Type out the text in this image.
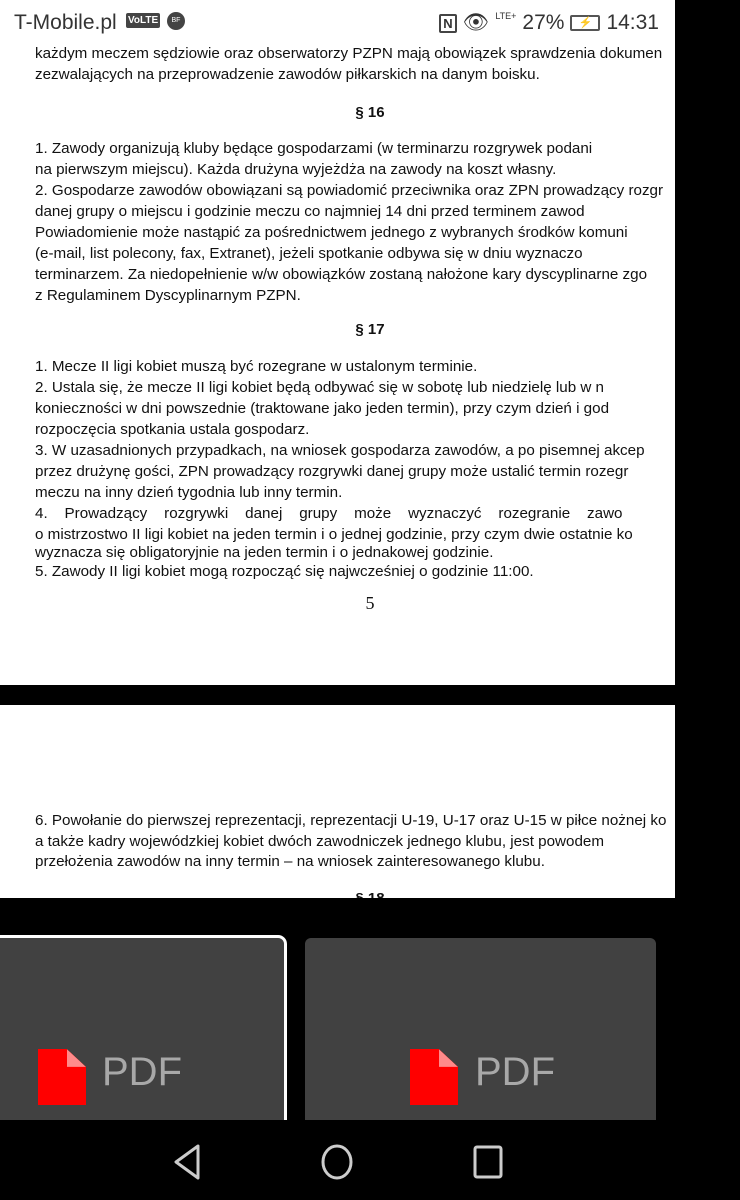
T-Mobile.pl VoLTE	BF	N 👁 LTE+ 27%	⚡ 14:31
każdym meczem sędziowie oraz obserwatorzy PZPN mają obowiązek sprawdzenia dokumen
zezwalających na przeprowadzenie zawodów piłkarskich na danym boisku.
§ 16
1. Zawody organizują kluby będące gospodarzami (w terminarzu rozgrywek podani
na pierwszym miejscu). Każda drużyna wyjeżdża na zawody na koszt własny.
2. Gospodarze zawodów obowiązani są powiadomić przeciwnika oraz ZPN prowadzący rozgr
danej grupy o miejscu i godzinie meczu co najmniej 14 dni przed terminem zawod
Powiadomienie może nastąpić za pośrednictwem jednego z wybranych środków komuni
(e-mail, list polecony, fax, Extranet), jeżeli spotkanie odbywa się w dniu wyznaczo
terminarzem. Za niedopełnienie w/w obowiązków zostaną nałożone kary dyscyplinarne zgo
z Regulaminem Dyscyplinarnym PZPN.
§ 17
1. Mecze II ligi kobiet muszą być rozegrane w ustalonym terminie.
2. Ustala się, że mecze II ligi kobiet będą odbywać się w sobotę lub niedzielę lub w n
konieczności w dni powszednie (traktowane jako jeden termin), przy czym dzień i god
rozpoczęcia spotkania ustala gospodarz.
3. W uzasadnionych przypadkach, na wniosek gospodarza zawodów, a po pisemnej akcep
przez drużynę gości, ZPN prowadzący rozgrywki danej grupy może ustalić termin rozegr
meczu na inny dzień tygodnia lub inny termin.
4.    Prowadzący    rozgrywki    danej    grupy    może    wyznaczyć    rozegranie    zawo
o mistrzostwo II ligi kobiet na jeden termin i o jednej godzinie, przy czym dwie ostatnie ko
wyznacza się obligatoryjnie na jeden termin i o jednakowej godzinie.
5. Zawody II ligi kobiet mogą rozpocząć się najwcześniej o godzinie 11:00.
5
6. Powołanie do pierwszej reprezentacji, reprezentacji U-19, U-17 oraz U-15 w piłce nożnej ko
a także kadry wojewódzkiej kobiet dwóch zawodniczek jednego klubu, jest powodem
przełożenia zawodów na inny termin – na wniosek zainteresowanego klubu.
PDF	PDF
